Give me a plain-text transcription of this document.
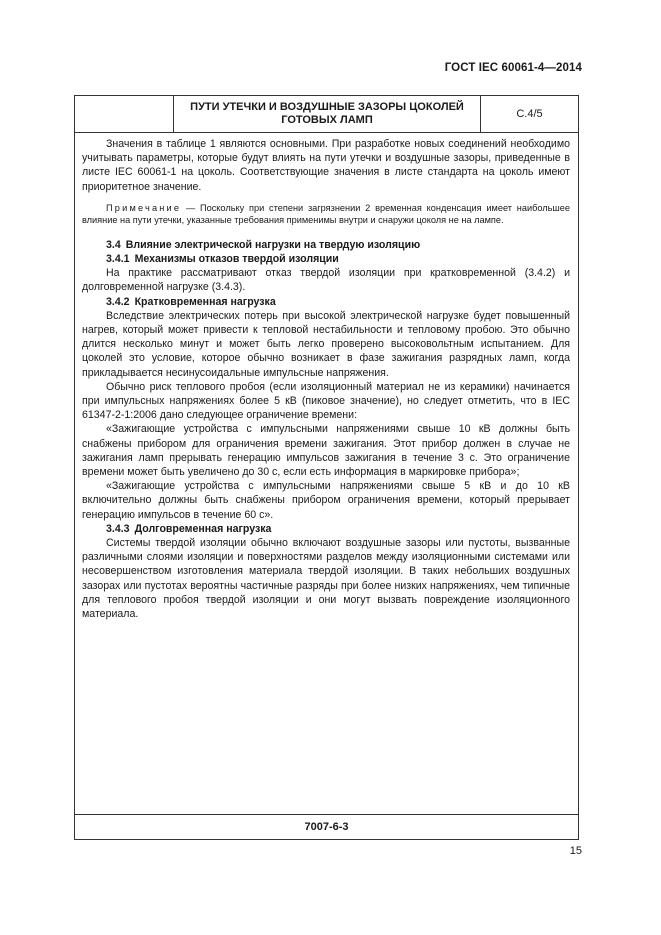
ГОСТ IEC 60061-4—2014
ПУТИ УТЕЧКИ И ВОЗДУШНЫЕ ЗАЗОРЫ ЦОКОЛЕЙ
ГОТОВЫХ ЛАМП	С.4/5

Значения в таблице 1 являются основными. При разработке новых соединений необходимо учитывать параметры, которые будут влиять на пути утечки и воздушные зазоры, приведенные в листе IEC 60061-1 на цоколь. Соответствующие значения в листе стандарта на цоколь имеют приоритетное значение.

Примечание — Поскольку при степени загрязнении 2 временная конденсация имеет наибольшее влияние на пути утечки, указанные требования применимы внутри и снаружи цоколя не на лампе.

3.4 Влияние электрической нагрузки на твердую изоляцию

3.4.1 Механизмы отказов твердой изоляции

На практике рассматривают отказ твердой изоляции при кратковременной (3.4.2) и долговременной нагрузке (3.4.3).

3.4.2 Кратковременная нагрузка

Вследствие электрических потерь при высокой электрической нагрузке будет повышенный нагрев, который может привести к тепловой нестабильности и тепловому пробою. Это обычно длится несколько минут и может быть легко проверено высоковольтным испытанием. Для цоколей это условие, которое обычно возникает в фазе зажигания разрядных ламп, когда прикладывается несинусоидальные импульсные напряжения.

Обычно риск теплового пробоя (если изоляционный материал не из керамики) начинается при импульсных напряжениях более 5 кВ (пиковое значение), но следует отметить, что в IEC 61347-2-1:2006 дано следующее ограничение времени:

«Зажигающие устройства с импульсными напряжениями свыше 10 кВ должны быть снабжены прибором для ограничения времени зажигания. Этот прибор должен в случае не зажигания ламп прерывать генерацию импульсов зажигания в течение 3 с. Это ограничение времени может быть увеличено до 30 с, если есть информация в маркировке прибора»;

«Зажигающие устройства с импульсными напряжениями свыше 5 кВ и до 10 кВ включительно должны быть снабжены прибором ограничения времени, который прерывает генерацию импульсов в течение 60 с».

3.4.3 Долговременная нагрузка

Системы твердой изоляции обычно включают воздушные зазоры или пустоты, вызванные различными слоями изоляции и поверхностями разделов между изоляционными системами или несовершенством изготовления материала твердой изоляции. В таких небольших воздушных зазорах или пустотах вероятны частичные разряды при более низких напряжениях, чем типичные для теплового пробоя твердой изоляции и они могут вызвать повреждение изоляционного материала.

7007-6-3
15
